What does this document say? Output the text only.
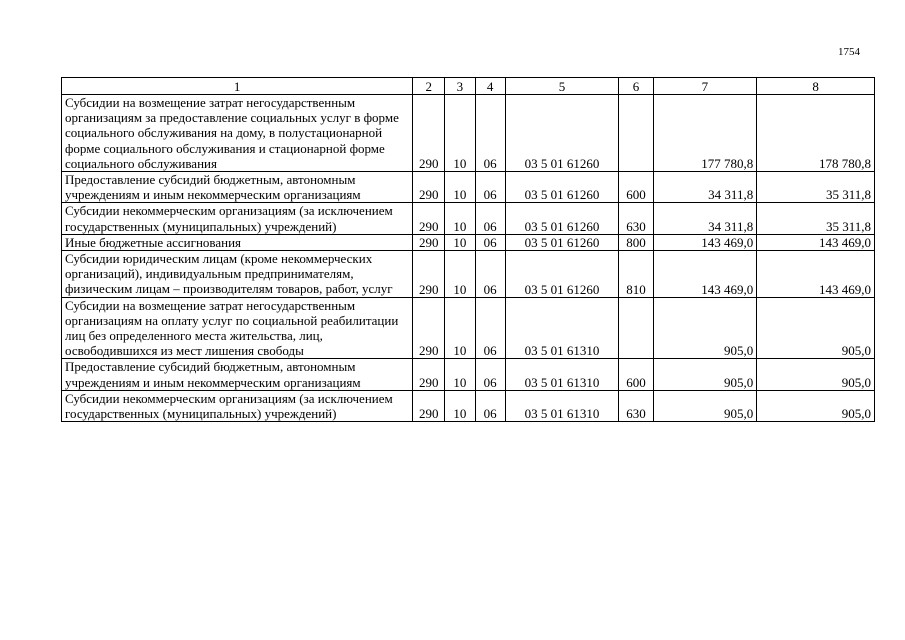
1754
1	2	3	4	5	6	7	8
Субсидии на возмещение затрат негосударственным организациям за предоставление социальных услуг в форме социального обслуживания на дому, в полустационарной форме социального обслуживания и стационарной форме социального обслуживания	290	10	06	03 5 01 61260		177 780,8	178 780,8
Предоставление субсидий бюджетным, автономным учреждениям и иным некоммерческим организациям	290	10	06	03 5 01 61260	600	34 311,8	35 311,8
Субсидии некоммерческим организациям (за исключением государственных (муниципальных) учреждений)	290	10	06	03 5 01 61260	630	34 311,8	35 311,8
Иные бюджетные ассигнования	290	10	06	03 5 01 61260	800	143 469,0	143 469,0
Субсидии юридическим лицам (кроме некоммерческих организаций), индивидуальным предпринимателям, физическим лицам – производителям товаров, работ, услуг	290	10	06	03 5 01 61260	810	143 469,0	143 469,0
Субсидии на возмещение затрат негосударственным организациям на оплату услуг по социальной реабилитации лиц без определенного места жительства, лиц, освободившихся из мест лишения свободы	290	10	06	03 5 01 61310		905,0	905,0
Предоставление субсидий бюджетным, автономным учреждениям и иным некоммерческим организациям	290	10	06	03 5 01 61310	600	905,0	905,0
Субсидии некоммерческим организациям (за исключением государственных (муниципальных) учреждений)	290	10	06	03 5 01 61310	630	905,0	905,0
